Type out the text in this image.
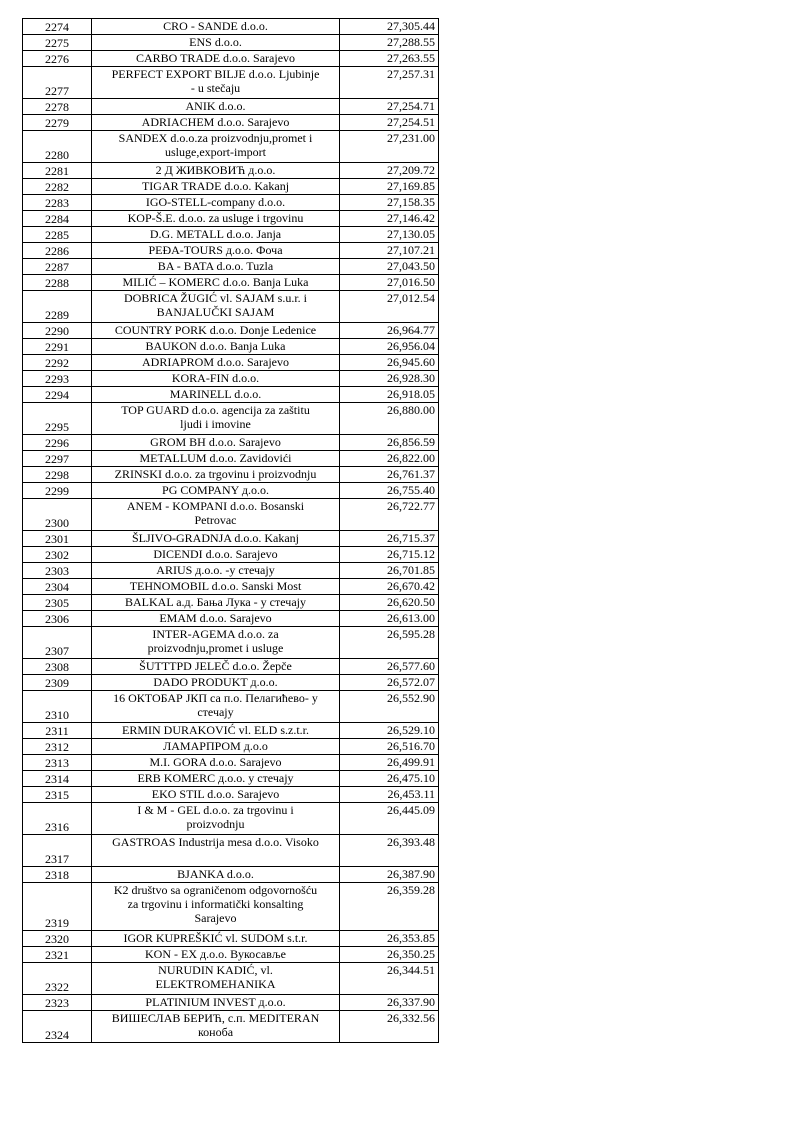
2274	CRO - SANDE d.o.o.	27,305.44
2275	ENS d.o.o.	27,288.55
2276	CARBO TRADE d.o.o. Sarajevo	27,263.55
2277	PERFECT EXPORT BILJE d.o.o. Ljubinje
- u stečaju	27,257.31
2278	ANIK d.o.o.	27,254.71
2279	ADRIACHEM d.o.o. Sarajevo	27,254.51
2280	SANDEX d.o.o.za proizvodnju,promet i
usluge,export-import	27,231.00
2281	2 Д ЖИВКОВИЋ д.о.о.	27,209.72
2282	TIGAR TRADE d.o.o. Kakanj	27,169.85
2283	IGO-STELL-company d.o.o.	27,158.35
2284	KOP-Š.E. d.o.o. za usluge i trgovinu	27,146.42
2285	D.G. METALL d.o.o. Janja	27,130.05
2286	PEĐA-TOURS д.о.о. Фоча	27,107.21
2287	BA - BATA d.o.o. Tuzla	27,043.50
2288	MILIĆ – KOMERC d.o.o. Banja Luka	27,016.50
2289	DOBRICA ŽUGIĆ vl. SAJAM s.u.r. i
BANJALUČKI SAJAM	27,012.54
2290	COUNTRY PORK d.o.o. Donje Ledenice	26,964.77
2291	BAUKON d.o.o. Banja Luka	26,956.04
2292	ADRIAPROM d.o.o. Sarajevo	26,945.60
2293	KORA-FIN d.o.o.	26,928.30
2294	MARINELL d.o.o.	26,918.05
2295	TOP GUARD d.o.o. agencija za zaštitu
ljudi i imovine	26,880.00
2296	GROM BH d.o.o. Sarajevo	26,856.59
2297	METALLUM d.o.o. Zavidovići	26,822.00
2298	ZRINSKI d.o.o. za trgovinu i proizvodnju	26,761.37
2299	PG COMPANY д.о.о.	26,755.40
2300	ANEM - KOMPANI d.o.o. Bosanski
Petrovac	26,722.77
2301	ŠLJIVO-GRADNJA d.o.o. Kakanj	26,715.37
2302	DICENDI d.o.o. Sarajevo	26,715.12
2303	ARIUS д.о.о. -у стечају	26,701.85
2304	TEHNOMOBIL d.o.o. Sanski Most	26,670.42
2305	BALKAL а.д. Бања Лука - у стечају	26,620.50
2306	EMAM d.o.o. Sarajevo	26,613.00
2307	INTER-AGEMA d.o.o. za
proizvodnju,promet i usluge	26,595.28
2308	ŠUTTTPD JELEČ d.o.o. Žepče	26,577.60
2309	DADO PRODUKT д.о.о.	26,572.07
2310	16 ОКТОБАР ЈКП са п.о. Пелагићево- у
стечају	26,552.90
2311	ERMIN DURAKOVIĆ vl. ELD s.z.t.r.	26,529.10
2312	ЛАМАРПРОМ д.о.о	26,516.70
2313	M.I. GORA d.o.o. Sarajevo	26,499.91
2314	ERB KOMERC д.о.о. у стечају	26,475.10
2315	EKO STIL d.o.o. Sarajevo	26,453.11
2316	I & M - GEL d.o.o. za trgovinu i
proizvodnju	26,445.09
2317	GASTROAS Industrija mesa d.o.o. Visoko	26,393.48
2318	BJANKA d.o.o.	26,387.90
2319	K2 društvo sa ograničenom odgovornošću
za trgovinu i informatički konsalting
Sarajevo	26,359.28
2320	IGOR KUPREŠKIĆ vl. SUDOM s.t.r.	26,353.85
2321	KON - EX д.о.о. Вукосавље	26,350.25
2322	NURUDIN KADIĆ, vl.
ELEKTROMEHANIKA	26,344.51
2323	PLATINIUM INVEST д.о.о.	26,337.90
2324	ВИШЕСЛАВ БЕРИЋ, с.п. MEDITERAN
коноба	26,332.56
